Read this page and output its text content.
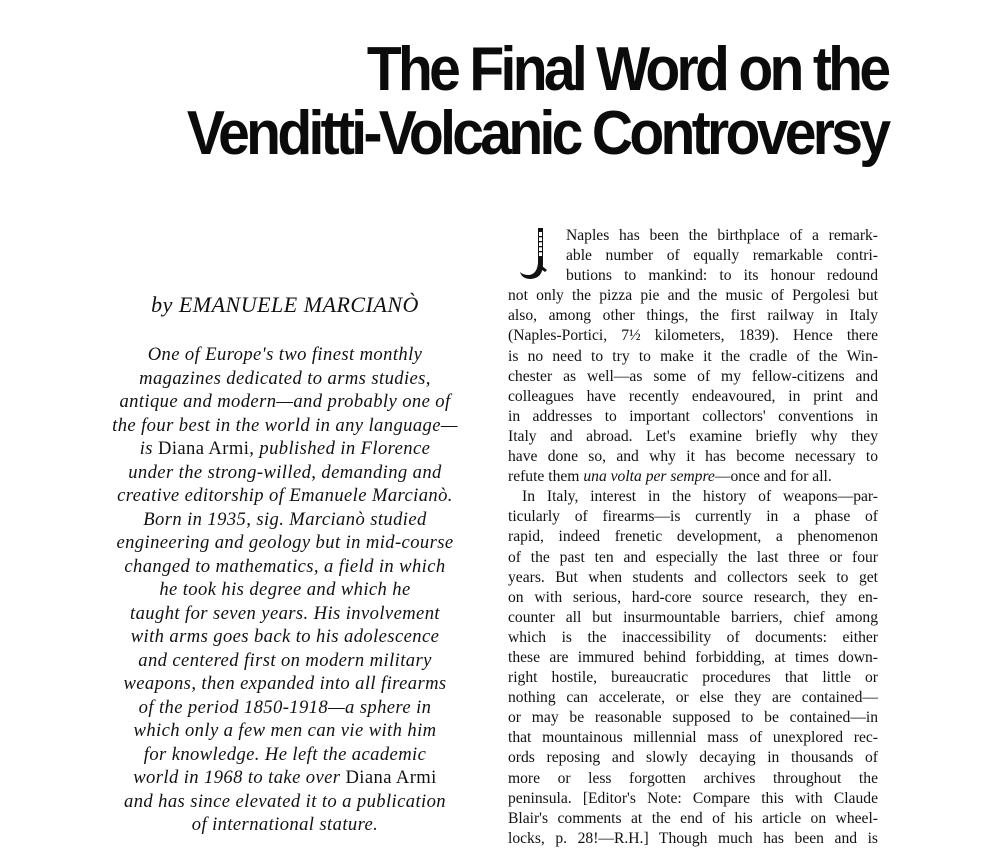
The Final Word on the
Venditti-Volcanic Controversy
by EMANUELE MARCIANÒ
One of Europe's two finest monthly
magazines dedicated to arms studies,
antique and modern—and probably one of
the four best in the world in any language—
is Diana Armi, published in Florence
under the strong-willed, demanding and
creative editorship of Emanuele Marcianò.
Born in 1935, sig. Marcianò studied
engineering and geology but in mid-course
changed to mathematics, a field in which
he took his degree and which he
taught for seven years. His involvement
with arms goes back to his adolescence
and centered first on modern military
weapons, then expanded into all firearms
of the period 1850-1918—a sphere in
which only a few men can vie with him
for knowledge. He left the academic
world in 1968 to take over Diana Armi
and has since elevated it to a publication
of international stature.
Naples has been the birthplace of a remark-
able number of equally remarkable contri-
butions to mankind: to its honour redound
not only the pizza pie and the music of Pergolesi but
also, among other things, the first railway in Italy
(Naples-Portici, 7½ kilometers, 1839). Hence there
is no need to try to make it the cradle of the Win-
chester as well—as some of my fellow-citizens and
colleagues have recently endeavoured, in print and
in addresses to important collectors' conventions in
Italy and abroad. Let's examine briefly why they
have done so, and why it has become necessary to
refute them una volta per sempre—once and for all.
In Italy, interest in the history of weapons—par-
ticularly of firearms—is currently in a phase of
rapid, indeed frenetic development, a phenomenon
of the past ten and especially the last three or four
years. But when students and collectors seek to get
on with serious, hard-core source research, they en-
counter all but insurmountable barriers, chief among
which is the inaccessibility of documents: either
these are immured behind forbidding, at times down-
right hostile, bureaucratic procedures that little or
nothing can accelerate, or else they are contained—
or may be reasonable supposed to be contained—in
that mountainous millennial mass of unexplored rec-
ords reposing and slowly decaying in thousands of
more or less forgotten archives throughout the
peninsula. [Editor's Note: Compare this with Claude
Blair's comments at the end of his article on wheel-
locks, p. 28!—R.H.] Though much has been and is
